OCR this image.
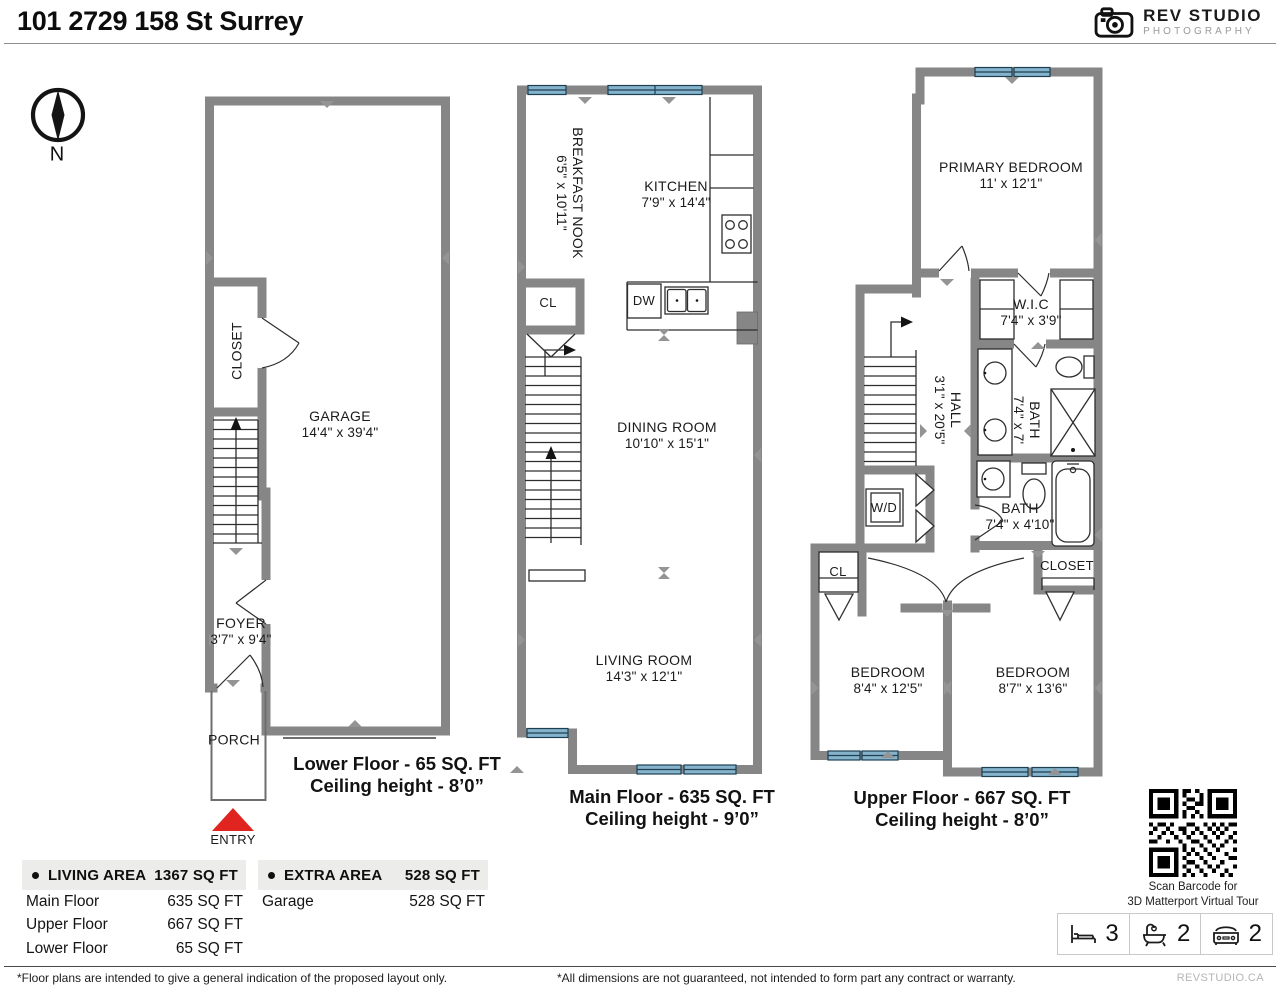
101 2729 158 St Surrey	REV STUDIO
PHOTOGRAPHY
N
CLOSET
GARAGE
14'4" x 39'4"
FOYER
3'7" x 9'4"
PORCH
ENTRY
BREAKFAST NOOK
6'5" x 10'11"	KITCHEN
7'9" x 14'4"
CL	DW
DINING ROOM
10'10" x 15'1"
LIVING ROOM
14'3" x 12'1"
PRIMARY BEDROOM
11' x 12'1"
W.I.C
7'4" x 3'9"
HALL
3'1" x 20'5"	BATH
7'4" x 7'
W/D	BATH
7'4" x 4'10"
CL	CLOSET
BEDROOM
8'4" x 12'5"
BEDROOM
8'7" x 13'6"
Lower Floor - 65 SQ. FT
Ceiling height - 8’0”
Main Floor - 635 SQ. FT
Ceiling height - 9’0”
Upper Floor - 667 SQ. FT
Ceiling height - 8’0”
LIVING AREA 1367 SQ FT
Main Floor	635 SQ FT
Upper Floor	667 SQ FT
Lower Floor	65 SQ FT
EXTRA AREA 528 SQ FT
Garage	528 SQ FT
Scan Barcode for
3D Matterport Virtual Tour
3 2 2
*Floor plans are intended to give a general indication of the proposed layout only.	*All dimensions are not guaranteed, not intended to form part any contract or warranty.	REVSTUDIO.CA
